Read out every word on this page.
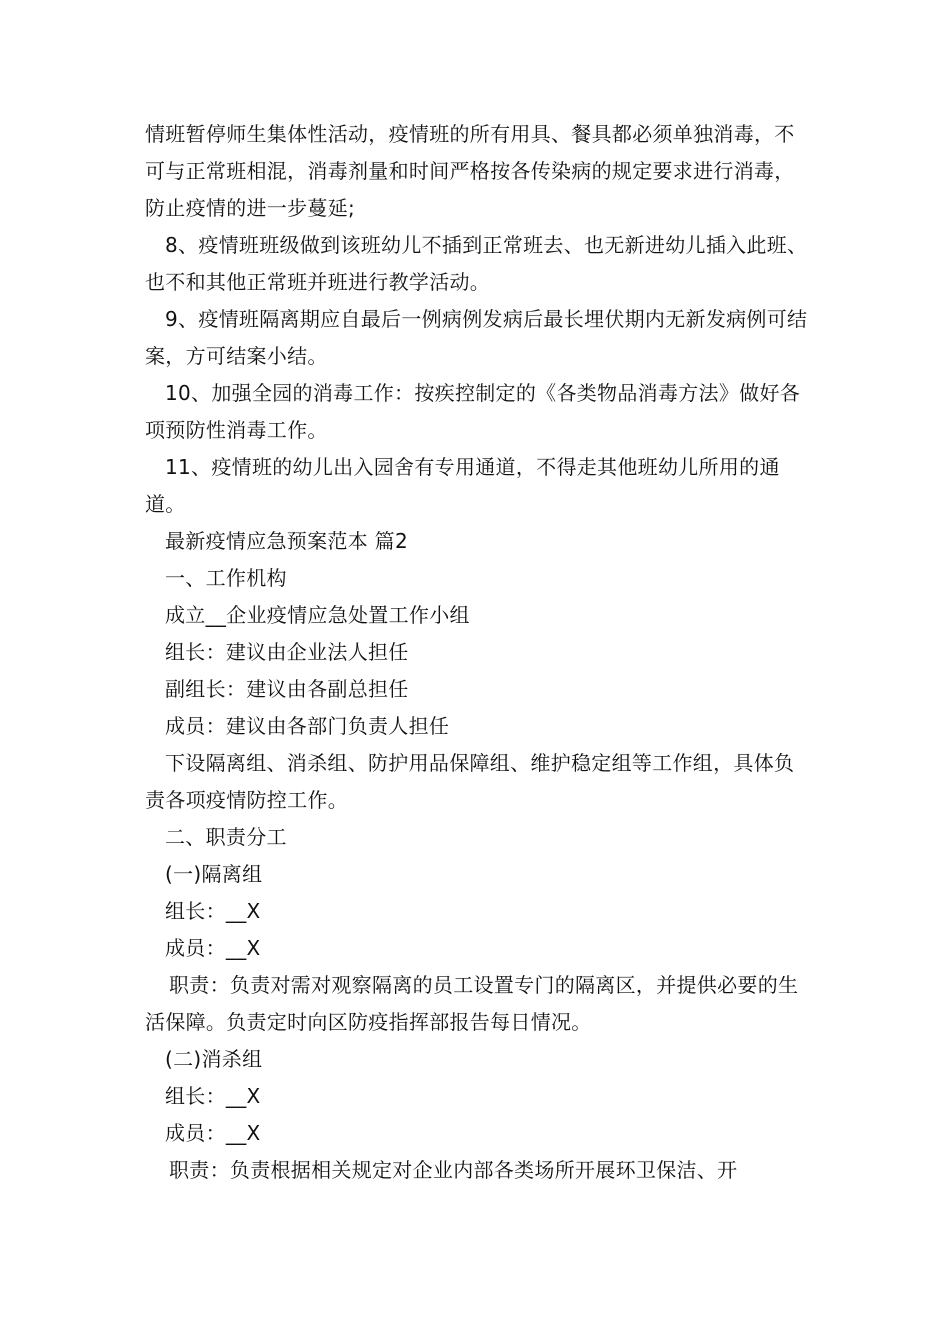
情班暂停师生集体性活动，疫情班的所有用具、餐具都必须单独消毒，不可与正常班相混，消毒剂量和时间严格按各传染病的规定要求进行消毒，防止疫情的进一步蔓延;

8、疫情班班级做到该班幼儿不插到正常班去、也无新进幼儿插入此班、也不和其他正常班并班进行教学活动。

9、疫情班隔离期应自最后一例病例发病后最长埋伏期内无新发病例可结案，方可结案小结。

10、加强全园的消毒工作：按疾控制定的《各类物品消毒方法》做好各项预防性消毒工作。

11、疫情班的幼儿出入园舍有专用通道，不得走其他班幼儿所用的通道。

最新疫情应急预案范本 篇2

一、工作机构

成立__企业疫情应急处置工作小组

组长：建议由企业法人担任

副组长：建议由各副总担任

成员：建议由各部门负责人担任

下设隔离组、消杀组、防护用品保障组、维护稳定组等工作组，具体负责各项疫情防控工作。

二、职责分工

(一)隔离组

组长：__X

成员：__X

职责：负责对需对观察隔离的员工设置专门的隔离区，并提供必要的生活保障。负责定时向区防疫指挥部报告每日情况。

(二)消杀组

组长：__X

成员：__X

职责：负责根据相关规定对企业内部各类场所开展环卫保洁、开
